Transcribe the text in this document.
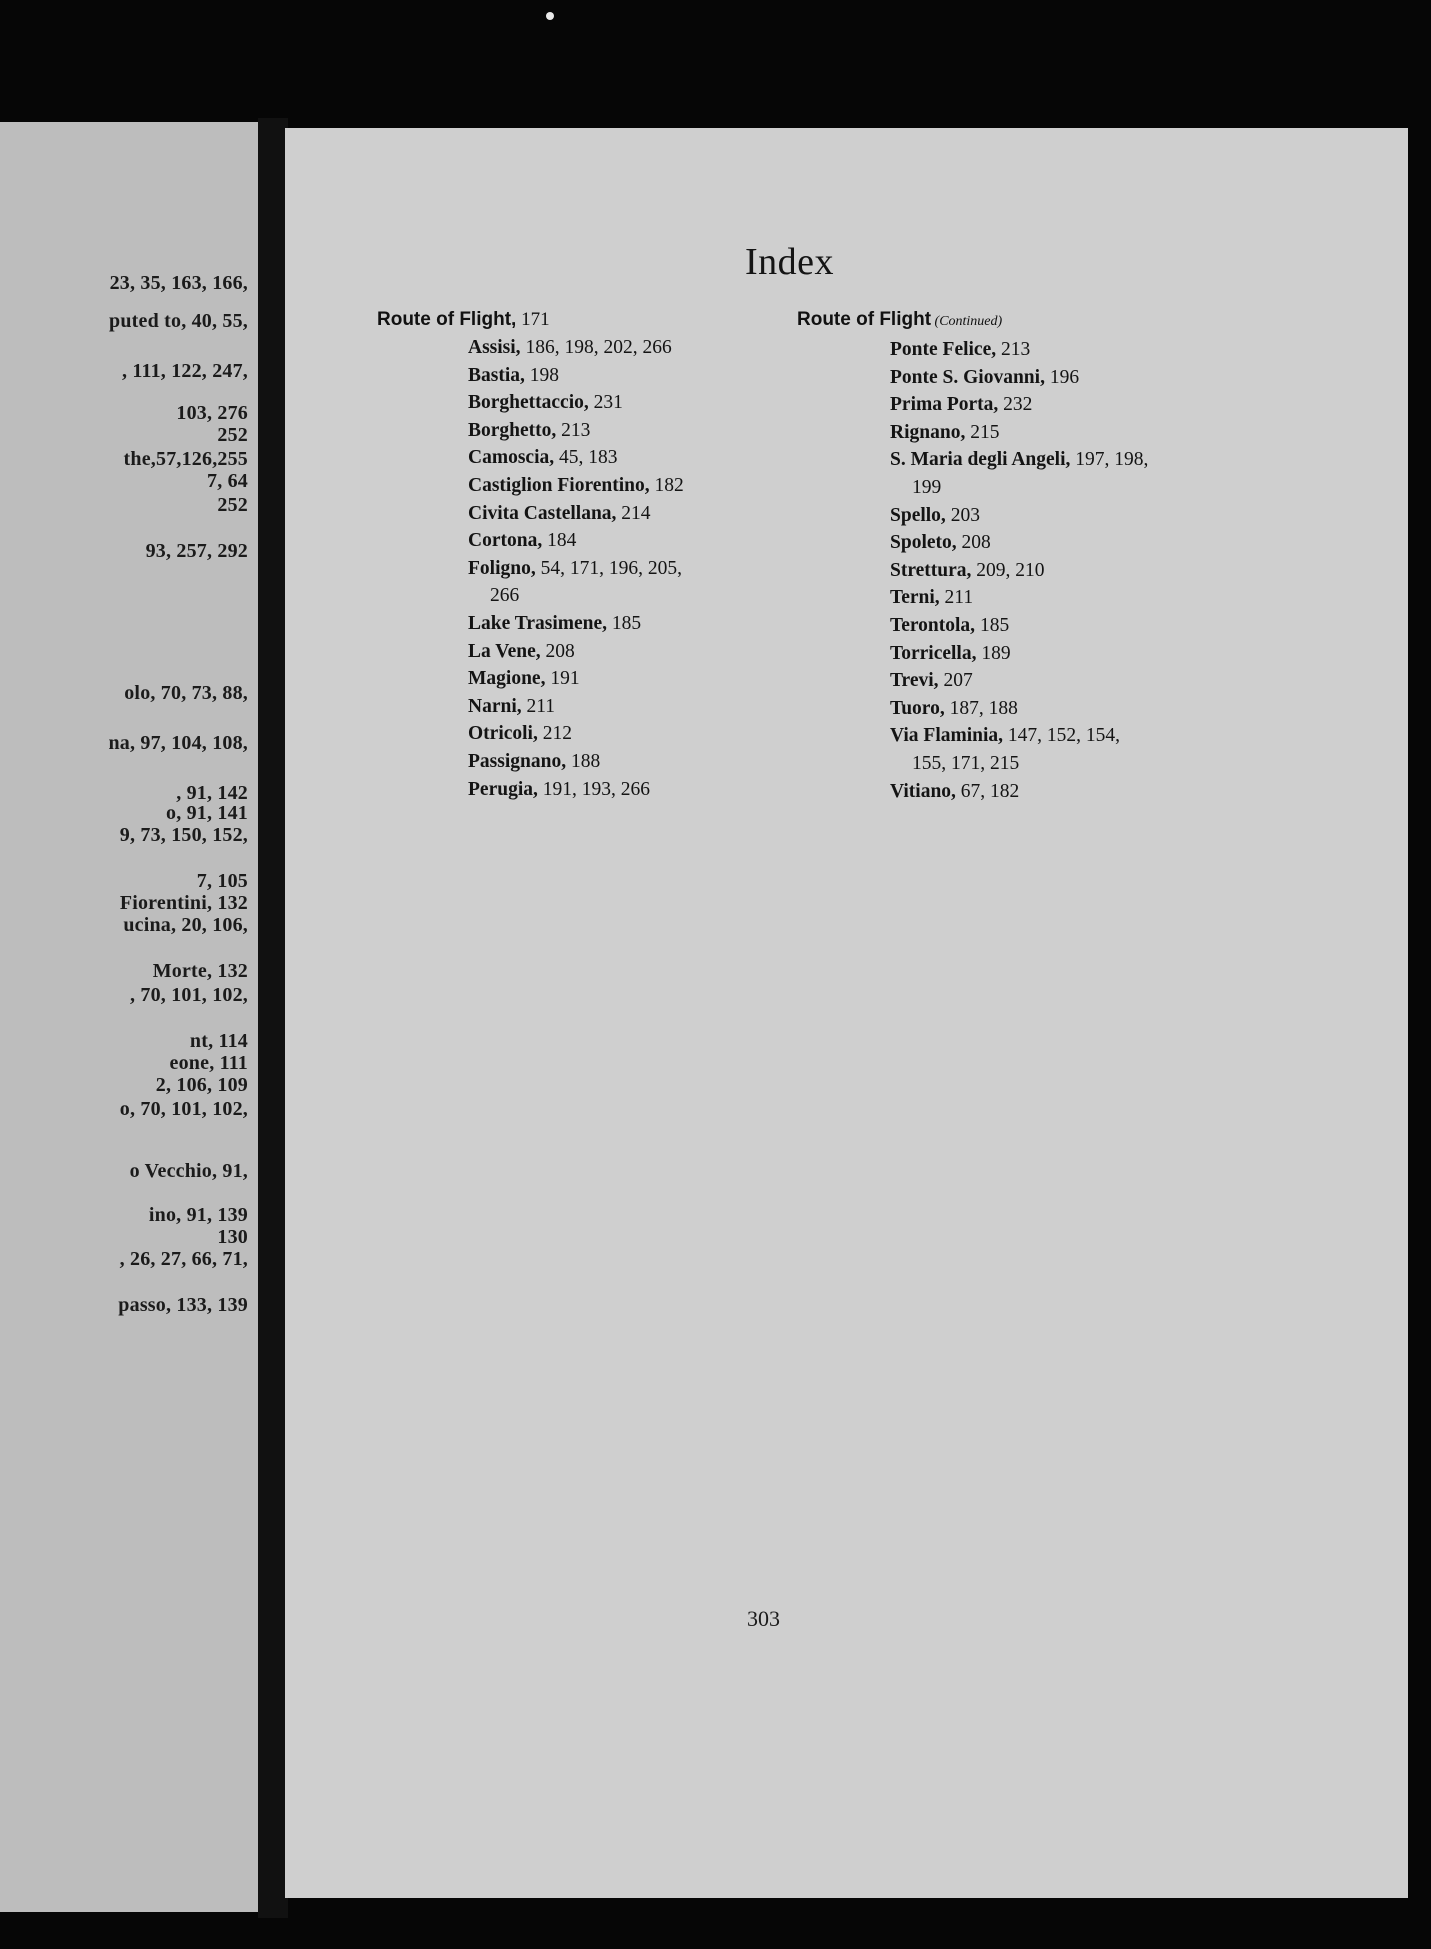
23, 35, 163, 166,
puted to, 40, 55,
, 111, 122, 247,
103, 276
252
the,57,126,255
7, 64
252
93, 257, 292
olo, 70, 73, 88,
na, 97, 104, 108,
, 91, 142
o, 91, 141
9, 73, 150, 152,
7, 105
Fiorentini, 132
ucina, 20, 106,
Morte, 132
, 70, 101, 102,
nt, 114
eone, 111
2, 106, 109
o, 70, 101, 102,
o Vecchio, 91,
ino, 91, 139
130
, 26, 27, 66, 71,
passo, 133, 139
Index
Route of Flight, 171
Assisi, 186, 198, 202, 266
Bastia, 198
Borghettaccio, 231
Borghetto, 213
Camoscia, 45, 183
Castiglion Fiorentino, 182
Civita Castellana, 214
Cortona, 184
Foligno, 54, 171, 196, 205,
266
Lake Trasimene, 185
La Vene, 208
Magione, 191
Narni, 211
Otricoli, 212
Passignano, 188
Perugia, 191, 193, 266
Route of Flight (Continued)
Ponte Felice, 213
Ponte S. Giovanni, 196
Prima Porta, 232
Rignano, 215
S. Maria degli Angeli, 197, 198,
199
Spello, 203
Spoleto, 208
Strettura, 209, 210
Terni, 211
Terontola, 185
Torricella, 189
Trevi, 207
Tuoro, 187, 188
Via Flaminia, 147, 152, 154,
155, 171, 215
Vitiano, 67, 182
303
